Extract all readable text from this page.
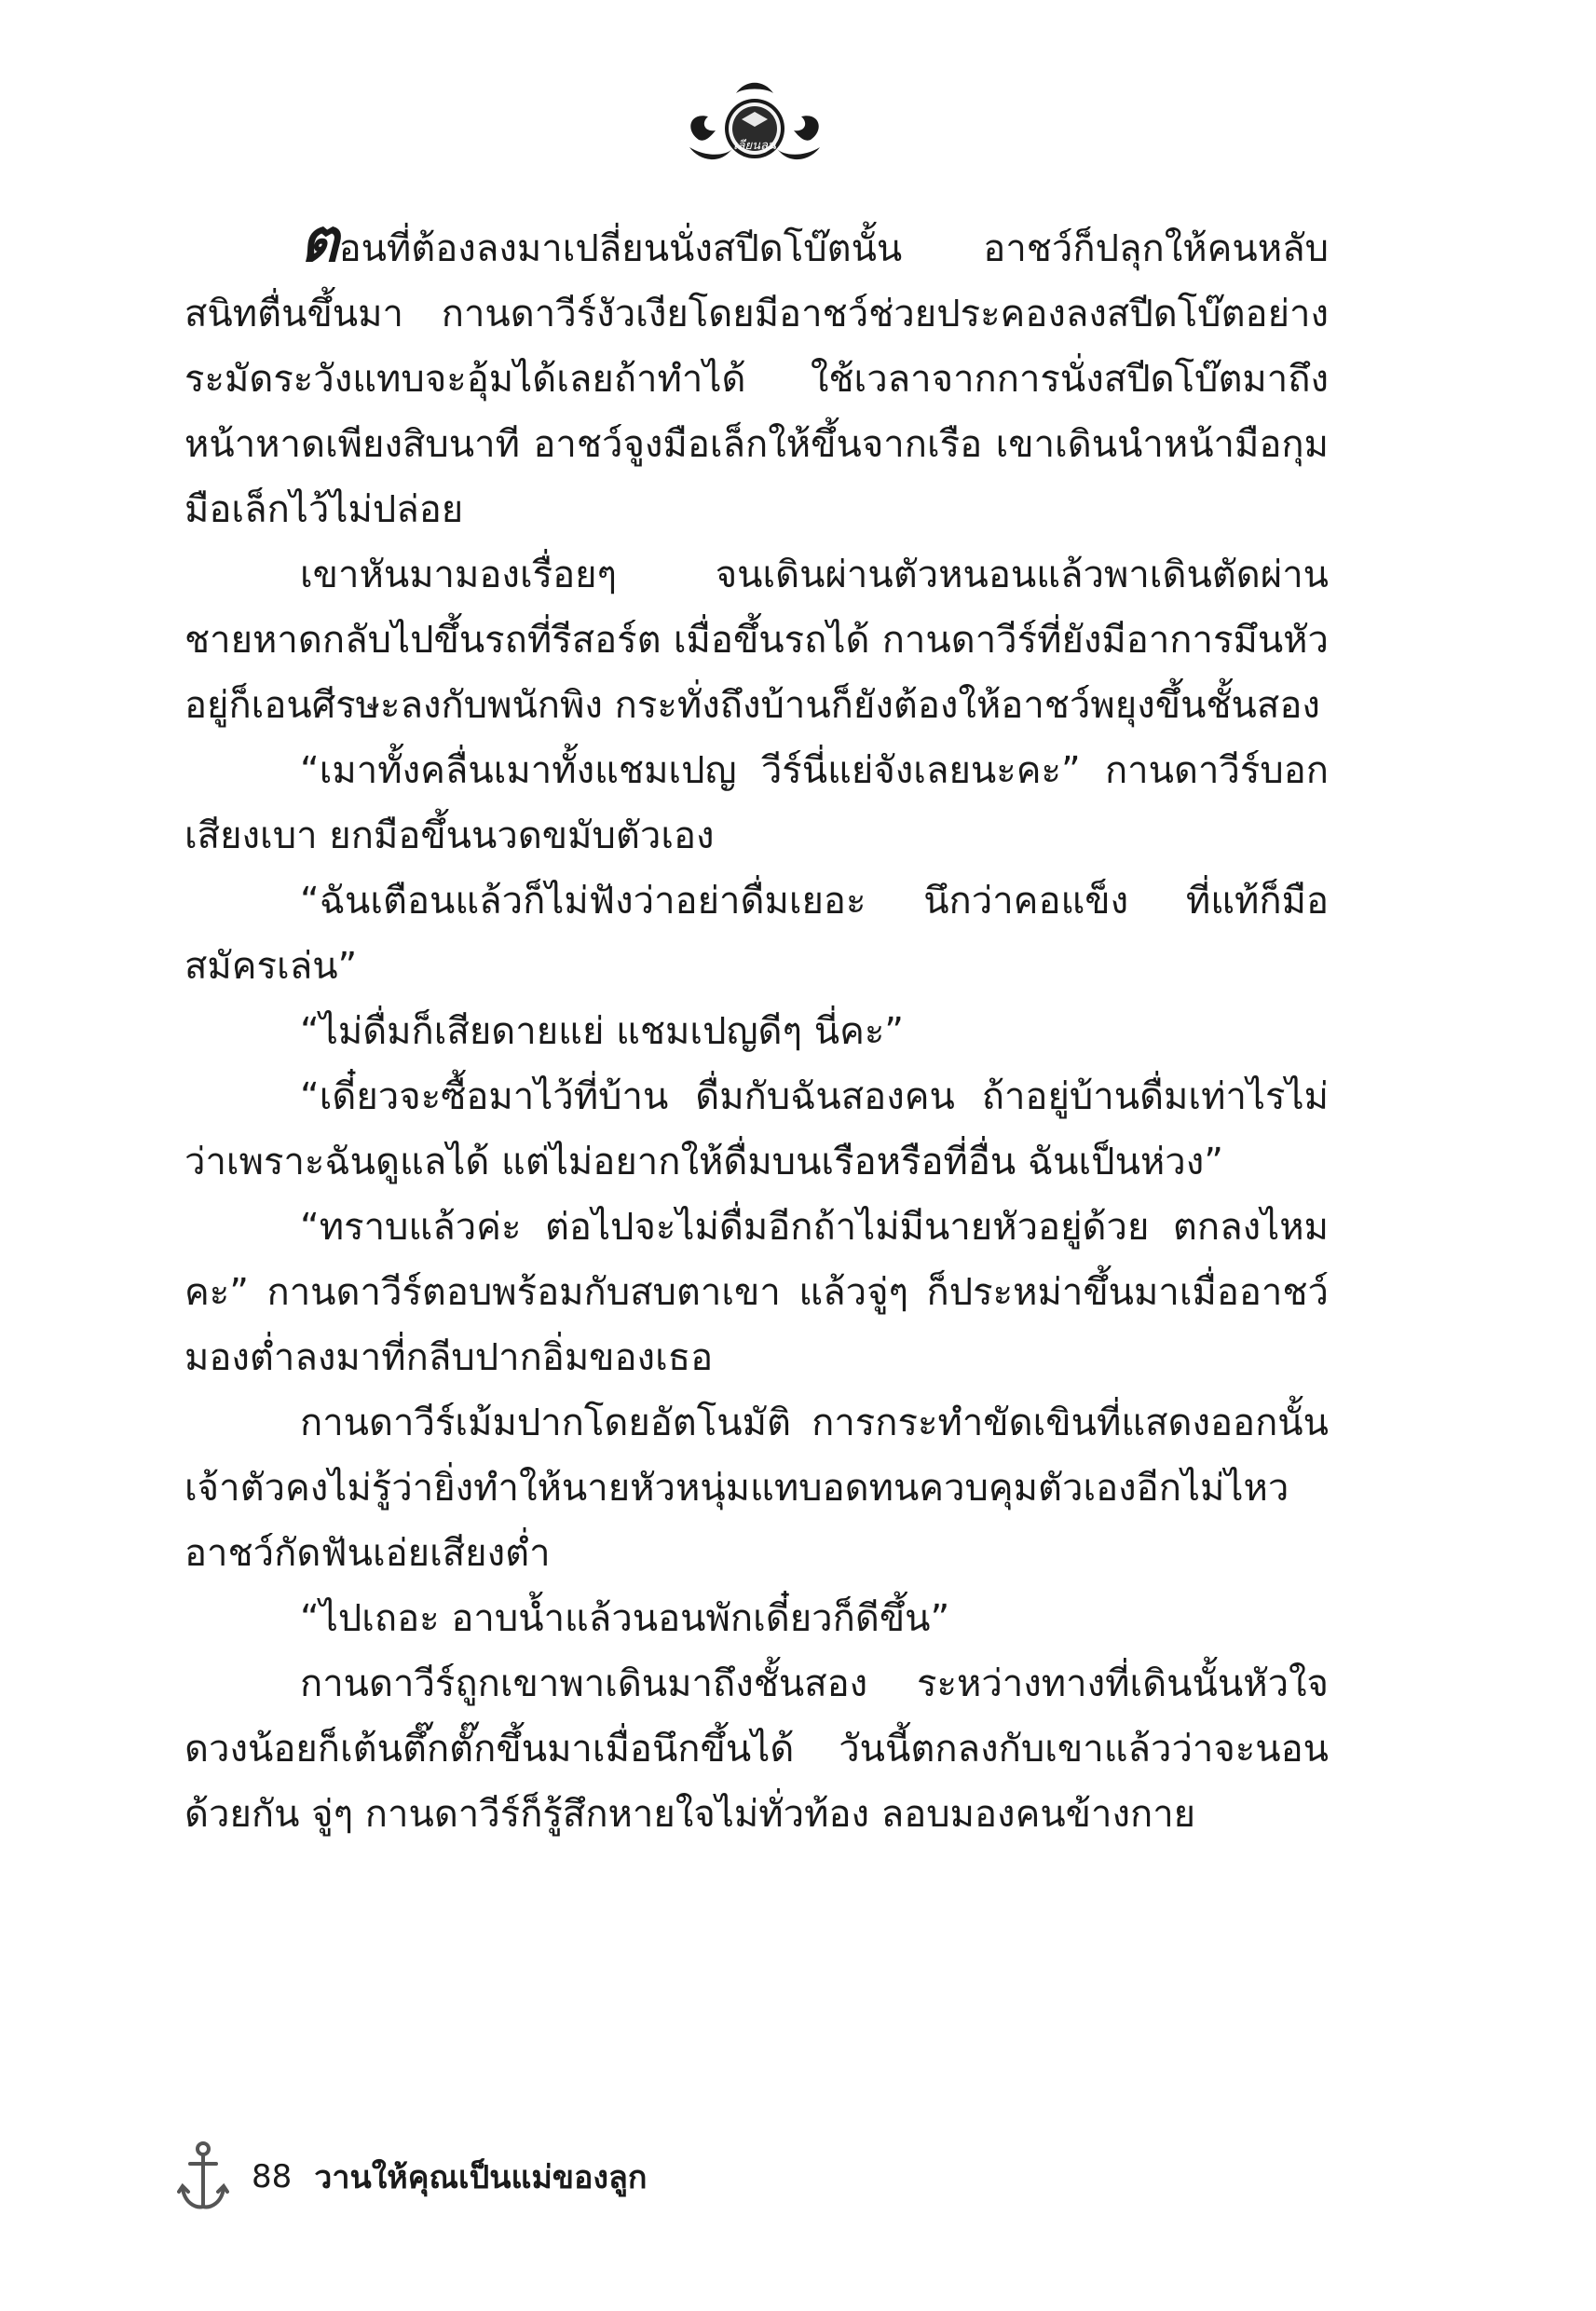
เลียนลูน

ตอนที่ต้องลงมาเปลี่ยนนั่งสปีดโบ๊ตนั้น อาชว์ก็ปลุกให้คนหลับสนิทตื่นขึ้นมา กานดาวีร์งัวเงียโดยมีอาชว์ช่วยประคองลงสปีดโบ๊ตอย่างระมัดระวังแทบจะอุ้มได้เลยถ้าทำได้ ใช้เวลาจากการนั่งสปีดโบ๊ตมาถึงหน้าหาดเพียงสิบนาที อาชว์จูงมือเล็กให้ขึ้นจากเรือ เขาเดินนำหน้ามือกุมมือเล็กไว้ไม่ปล่อย

เขาหันมามองเรื่อยๆ จนเดินผ่านตัวหนอนแล้วพาเดินตัดผ่านชายหาดกลับไปขึ้นรถที่รีสอร์ต เมื่อขึ้นรถได้ กานดาวีร์ที่ยังมีอาการมึนหัวอยู่ก็เอนศีรษะลงกับพนักพิง กระทั่งถึงบ้านก็ยังต้องให้อาชว์พยุงขึ้นชั้นสอง

“เมาทั้งคลื่นเมาทั้งแชมเปญ วีร์นี่แย่จังเลยนะคะ” กานดาวีร์บอกเสียงเบา ยกมือขึ้นนวดขมับตัวเอง

“ฉันเตือนแล้วก็ไม่ฟังว่าอย่าดื่มเยอะ นึกว่าคอแข็ง ที่แท้ก็มือสมัครเล่น”

“ไม่ดื่มก็เสียดายแย่ แชมเปญดีๆ นี่คะ”

“เดี๋ยวจะซื้อมาไว้ที่บ้าน ดื่มกับฉันสองคน ถ้าอยู่บ้านดื่มเท่าไรไม่ว่าเพราะฉันดูแลได้ แต่ไม่อยากให้ดื่มบนเรือหรือที่อื่น ฉันเป็นห่วง”

“ทราบแล้วค่ะ ต่อไปจะไม่ดื่มอีกถ้าไม่มีนายหัวอยู่ด้วย ตกลงไหมคะ” กานดาวีร์ตอบพร้อมกับสบตาเขา แล้วจู่ๆ ก็ประหม่าขึ้นมาเมื่ออาชว์มองต่ำลงมาที่กลีบปากอิ่มของเธอ

กานดาวีร์เม้มปากโดยอัตโนมัติ การกระทำขัดเขินที่แสดงออกนั้นเจ้าตัวคงไม่รู้ว่ายิ่งทำให้นายหัวหนุ่มแทบอดทนควบคุมตัวเองอีกไม่ไหว อาชว์กัดฟันเอ่ยเสียงต่ำ

“ไปเถอะ อาบน้ำแล้วนอนพักเดี๋ยวก็ดีขึ้น”

กานดาวีร์ถูกเขาพาเดินมาถึงชั้นสอง ระหว่างทางที่เดินนั้นหัวใจดวงน้อยก็เต้นตึ๊กตั๊กขึ้นมาเมื่อนึกขึ้นได้ วันนี้ตกลงกับเขาแล้วว่าจะนอนด้วยกัน จู่ๆ กานดาวีร์ก็รู้สึกหายใจไม่ทั่วท้อง ลอบมองคนข้างกาย

88 วานให้คุณเป็นแม่ของลูก
